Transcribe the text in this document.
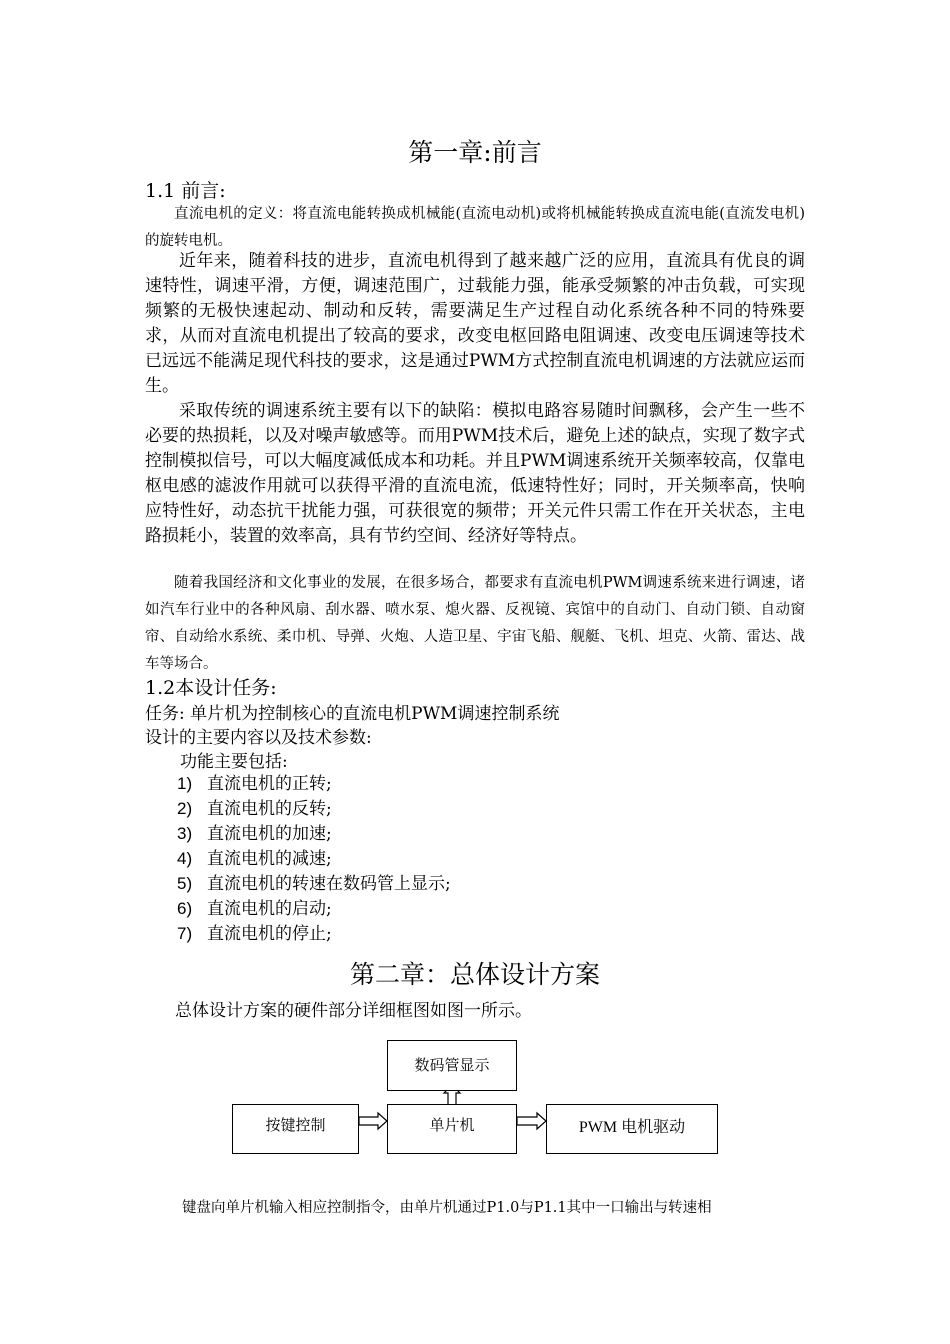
第一章:前言
1.1 前言:

直流电机的定义：将直流电能转换成机械能(直流电动机)或将机械能转换成直流电能(直流发电机)的旋转电机。

近年来，随着科技的进步，直流电机得到了越来越广泛的应用，直流具有优良的调速特性，调速平滑，方便，调速范围广，过载能力强，能承受频繁的冲击负载，可实现频繁的无极快速起动、制动和反转，需要满足生产过程自动化系统各种不同的特殊要求，从而对直流电机提出了较高的要求，改变电枢回路电阻调速、改变电压调速等技术已远远不能满足现代科技的要求，这是通过PWM方式控制直流电机调速的方法就应运而生。

采取传统的调速系统主要有以下的缺陷：模拟电路容易随时间飘移，会产生一些不必要的热损耗，以及对噪声敏感等。而用PWM技术后，避免上述的缺点，实现了数字式控制模拟信号，可以大幅度减低成本和功耗。并且PWM调速系统开关频率较高，仅靠电枢电感的滤波作用就可以获得平滑的直流电流，低速特性好；同时，开关频率高，快响应特性好，动态抗干扰能力强，可获很宽的频带；开关元件只需工作在开关状态，主电路损耗小，装置的效率高，具有节约空间、经济好等特点。

随着我国经济和文化事业的发展，在很多场合，都要求有直流电机PWM调速系统来进行调速，诸如汽车行业中的各种风扇、刮水器、喷水泵、熄火器、反视镜、宾馆中的自动门、自动门锁、自动窗帘、自动给水系统、柔巾机、导弹、火炮、人造卫星、宇宙飞船、舰艇、飞机、坦克、火箭、雷达、战车等场合。

1.2本设计任务:
任务: 单片机为控制核心的直流电机PWM调速控制系统
设计的主要内容以及技术参数:
功能主要包括:
1) 直流电机的正转;
2) 直流电机的反转;
3) 直流电机的加速;
4) 直流电机的减速;
5) 直流电机的转速在数码管上显示;
6) 直流电机的启动;
7) 直流电机的停止;
第二章：总体设计方案
总体设计方案的硬件部分详细框图如图一所示。
数码管显示
按键控制	单片机	PWM 电机驱动
键盘向单片机输入相应控制指令，由单片机通过P1.0与P1.1其中一口输出与转速相
